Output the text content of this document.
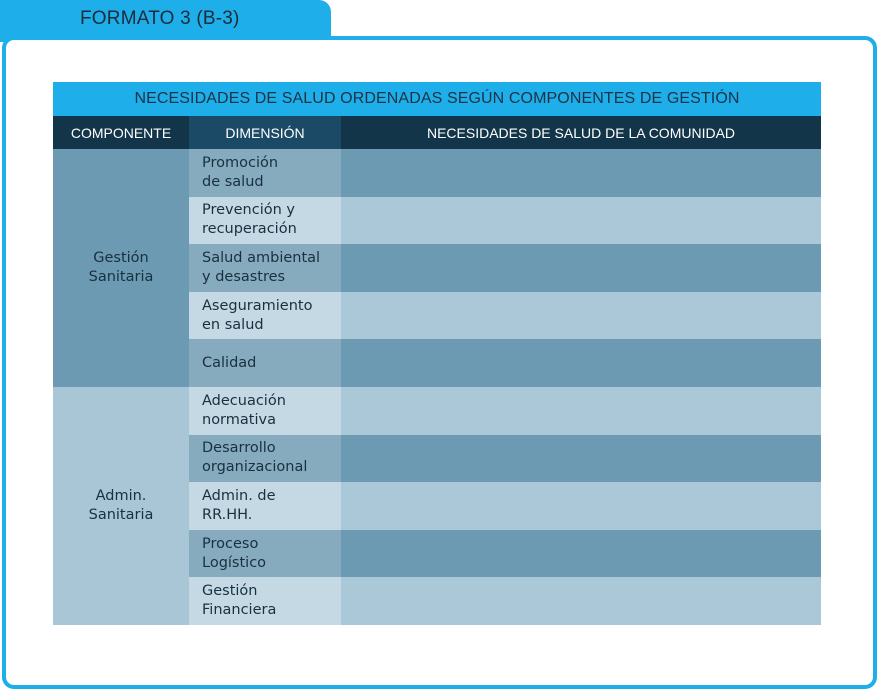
FORMATO 3 (B-3)
NECESIDADES DE SALUD ORDENADAS SEGÚN COMPONENTES DE GESTIÓN
COMPONENTE	DIMENSIÓN	NECESIDADES DE SALUD DE LA COMUNIDAD
Gestión
Sanitaria
Promoción
de salud
Prevención y
recuperación
Salud ambiental
y desastres
Aseguramiento
en salud
Calidad
Admin.
Sanitaria
Adecuación
normativa
Desarrollo
organizacional
Admin. de
RR.HH.
Proceso
Logístico
Gestión
Financiera
